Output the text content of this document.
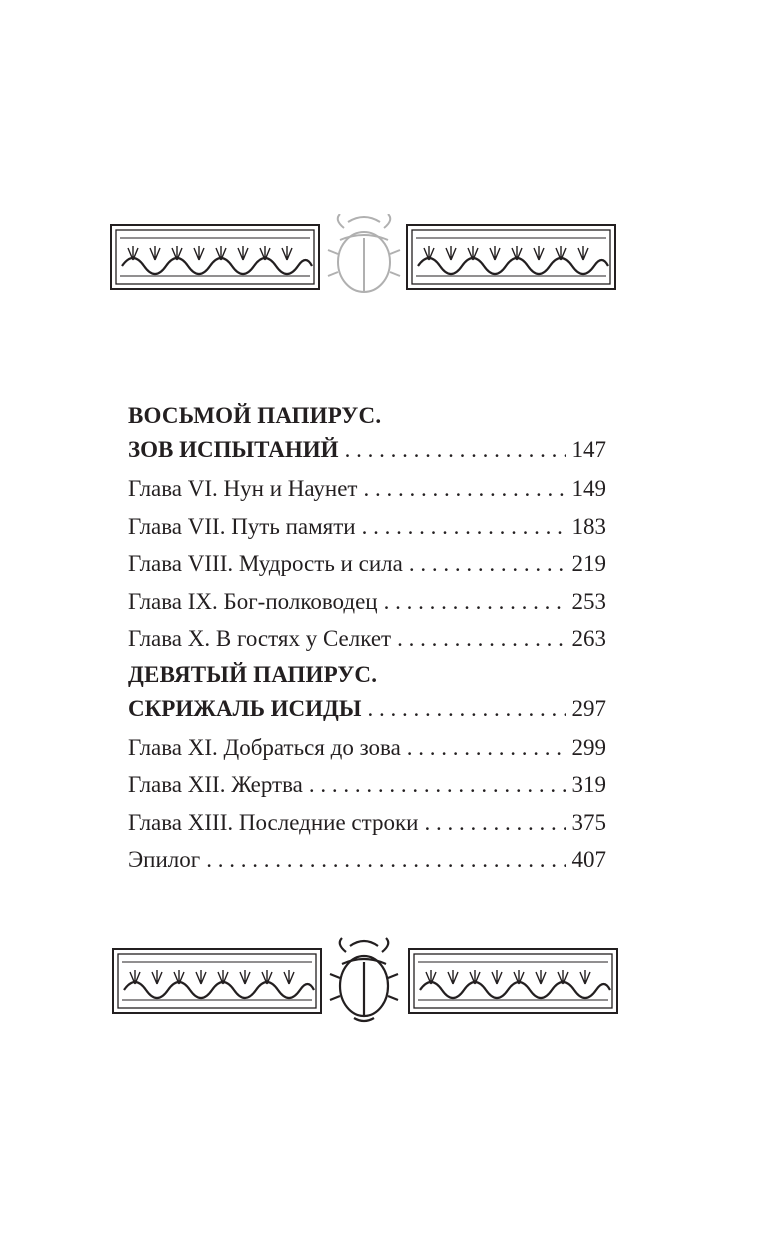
ВОСЬМОЙ ПАПИРУС.
ЗОВ ИСПЫТАНИЙ . . .	147
Глава VI. Нун и Наунет . . .	149
Глава VII. Путь памяти . . .	183
Глава VIII. Мудрость и сила . . .	219
Глава IX. Бог-полководец . . .	253
Глава X. В гостях у Селкет . . .	263
ДЕВЯТЫЙ ПАПИРУС.
СКРИЖАЛЬ ИСИДЫ . . .	297
Глава XI. Добраться до зова . . .	299
Глава XII. Жертва . . .	319
Глава XIII. Последние строки . . .	375
Эпилог . . .	407
